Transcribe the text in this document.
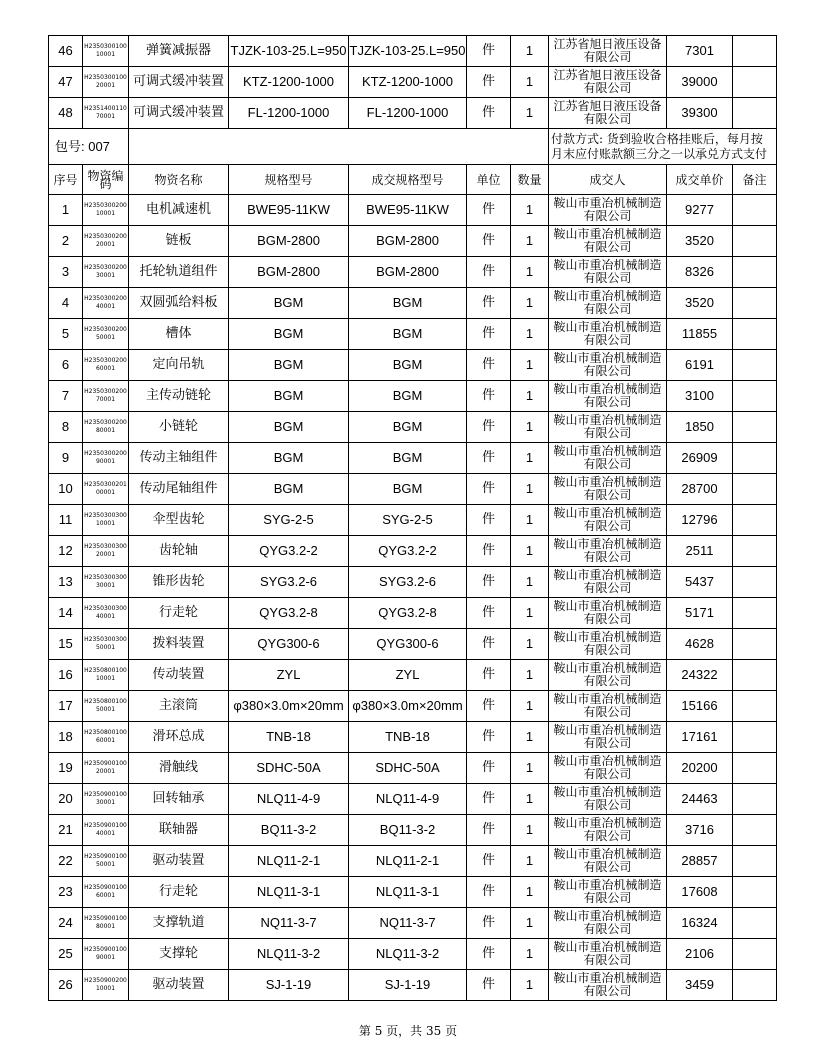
46	H235030010010001	弹簧减振器	TJZK-103-25.L=950	TJZK-103-25.L=950	件	1	江苏省旭日液压设备有限公司	7301	
47	H235030010020001	可调式缓冲装置	KTZ-1200-1000	KTZ-1200-1000	件	1	江苏省旭日液压设备有限公司	39000	
48	H235140011070001	可调式缓冲装置	FL-1200-1000	FL-1200-1000	件	1	江苏省旭日液压设备有限公司	39300	
包号: 007							付款方式: 货到验收合格挂账后，每月按月末应付账款额三分之一以承兑方式支付		
序号	物资编码	物资名称	规格型号	成交规格型号	单位	数量	成交人	成交单价	备注
1	H235030020010001	电机减速机	BWE95-11KW	BWE95-11KW	件	1	鞍山市重冶机械制造有限公司	9277	
2	H235030020020001	链板	BGM-2800	BGM-2800	件	1	鞍山市重冶机械制造有限公司	3520	
3	H235030020030001	托轮轨道组件	BGM-2800	BGM-2800	件	1	鞍山市重冶机械制造有限公司	8326	
4	H235030020040001	双圆弧给料板	BGM	BGM	件	1	鞍山市重冶机械制造有限公司	3520	
5	H235030020050001	槽体	BGM	BGM	件	1	鞍山市重冶机械制造有限公司	11855	
6	H235030020060001	定向吊轨	BGM	BGM	件	1	鞍山市重冶机械制造有限公司	6191	
7	H235030020070001	主传动链轮	BGM	BGM	件	1	鞍山市重冶机械制造有限公司	3100	
8	H235030020080001	小链轮	BGM	BGM	件	1	鞍山市重冶机械制造有限公司	1850	
9	H235030020090001	传动主轴组件	BGM	BGM	件	1	鞍山市重冶机械制造有限公司	26909	
10	H235030020100001	传动尾轴组件	BGM	BGM	件	1	鞍山市重冶机械制造有限公司	28700	
11	H235030030010001	伞型齿轮	SYG-2-5	SYG-2-5	件	1	鞍山市重冶机械制造有限公司	12796	
12	H235030030020001	齿轮轴	QYG3.2-2	QYG3.2-2	件	1	鞍山市重冶机械制造有限公司	2511	
13	H235030030030001	锥形齿轮	SYG3.2-6	SYG3.2-6	件	1	鞍山市重冶机械制造有限公司	5437	
14	H235030030040001	行走轮	QYG3.2-8	QYG3.2-8	件	1	鞍山市重冶机械制造有限公司	5171	
15	H235030030050001	拨料装置	QYG300-6	QYG300-6	件	1	鞍山市重冶机械制造有限公司	4628	
16	H235080010010001	传动装置	ZYL	ZYL	件	1	鞍山市重冶机械制造有限公司	24322	
17	H235080010050001	主滚筒	φ380×3.0m×20mm	φ380×3.0m×20mm	件	1	鞍山市重冶机械制造有限公司	15166	
18	H235080010060001	滑环总成	TNB-18	TNB-18	件	1	鞍山市重冶机械制造有限公司	17161	
19	H235090010020001	滑触线	SDHC-50A	SDHC-50A	件	1	鞍山市重冶机械制造有限公司	20200	
20	H235090010030001	回转轴承	NLQ11-4-9	NLQ11-4-9	件	1	鞍山市重冶机械制造有限公司	24463	
21	H235090010040001	联轴器	BQ11-3-2	BQ11-3-2	件	1	鞍山市重冶机械制造有限公司	3716	
22	H235090010050001	驱动装置	NLQ11-2-1	NLQ11-2-1	件	1	鞍山市重冶机械制造有限公司	28857	
23	H235090010060001	行走轮	NLQ11-3-1	NLQ11-3-1	件	1	鞍山市重冶机械制造有限公司	17608	
24	H235090010080001	支撑轨道	NQ11-3-7	NQ11-3-7	件	1	鞍山市重冶机械制造有限公司	16324	
25	H235090010090001	支撑轮	NLQ11-3-2	NLQ11-3-2	件	1	鞍山市重冶机械制造有限公司	2106	
26	H235090020010001	驱动装置	SJ-1-19	SJ-1-19	件	1	鞍山市重冶机械制造有限公司	3459	
第 5 页，共 35 页
